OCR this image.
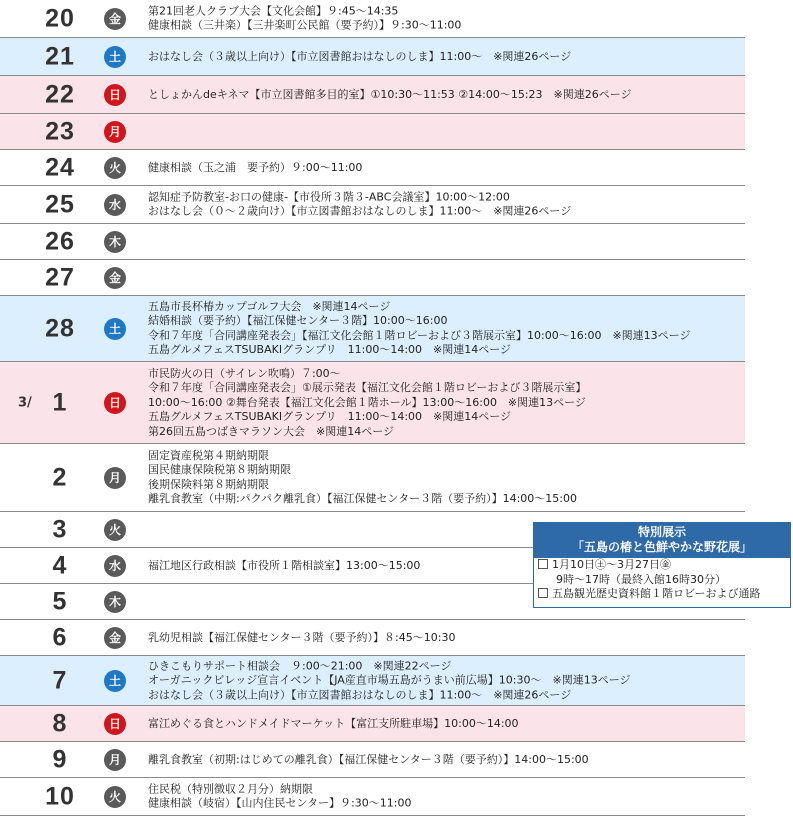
20	金
第21回老人クラブ大会【文化会館】９:45～14:35
健康相談（三井楽）【三井楽町公民館（要予約）】９:30～11:00
21	土	おはなし会（３歳以上向け）【市立図書館おはなしのしま】11:00～　※関連26ページ
22	日	としょかんdeキネマ【市立図書館多目的室】①10:30～11:53 ②14:00～15:23　※関連26ページ
23	月
24	火	健康相談（玉之浦　要予約）９:00～11:00
25	水
認知症予防教室-お口の健康-【市役所３階３-ABC会議室】10:00～12:00
おはなし会（０～２歳向け）【市立図書館おはなしのしま】11:00～　※関連26ページ
26	木
27	金
28	土
五島市長杯椿カップゴルフ大会　※関連14ページ
結婚相談（要予約）【福江保健センター３階】10:00～16:00
令和７年度「合同講座発表会」【福江文化会館１階ロビーおよび３階展示室】10:00～16:00　※関連13ページ
五島グルメフェスTSUBAKIグランプリ　11:00～14:00　※関連14ページ
3/ 1	日
市民防火の日（サイレン吹鳴）７:00～
令和７年度「合同講座発表会」①展示発表【福江文化会館１階ロビーおよび３階展示室】
10:00～16:00 ②舞台発表【福江文化会館１階ホール】13:00～16:00　※関連13ページ
五島グルメフェスTSUBAKIグランプリ　11:00～14:00　※関連14ページ
第26回五島つばきマラソン大会　※関連14ページ
2	月
固定資産税第４期納期限
国民健康保険税第８期納期限
後期保険料第８期納期限
離乳食教室（中期:パクパク離乳食）【福江保健センター３階（要予約）】14:00～15:00
3	火
4	水	福江地区行政相談【市役所１階相談室】13:00～15:00
5	木
6	金	乳幼児相談【福江保健センター３階（要予約）】８:45～10:30
7	土
ひきこもりサポート相談会　９:00～21:00　※関連22ページ
オーガニックビレッジ宣言イベント【JA産直市場五島がうまい前広場】10:30～　※関連13ページ
おはなし会（３歳以上向け）【市立図書館おはなしのしま】11:00～　※関連26ページ
8	日	富江めぐる食とハンドメイドマーケット【富江支所駐車場】10:00～14:00
9	月	離乳食教室（初期:はじめての離乳食）【福江保健センター３階（要予約）】14:00～15:00
10	火
住民税（特別徴収２月分）納期限
健康相談（岐宿）【山内住民センター】９:30～11:00
特別展示
「五島の椿と色鮮やかな野花展」
1月10日㊏～3月27日㊎
9時～17時（最終入館16時30分）
五島観光歴史資料館１階ロビーおよび通路
